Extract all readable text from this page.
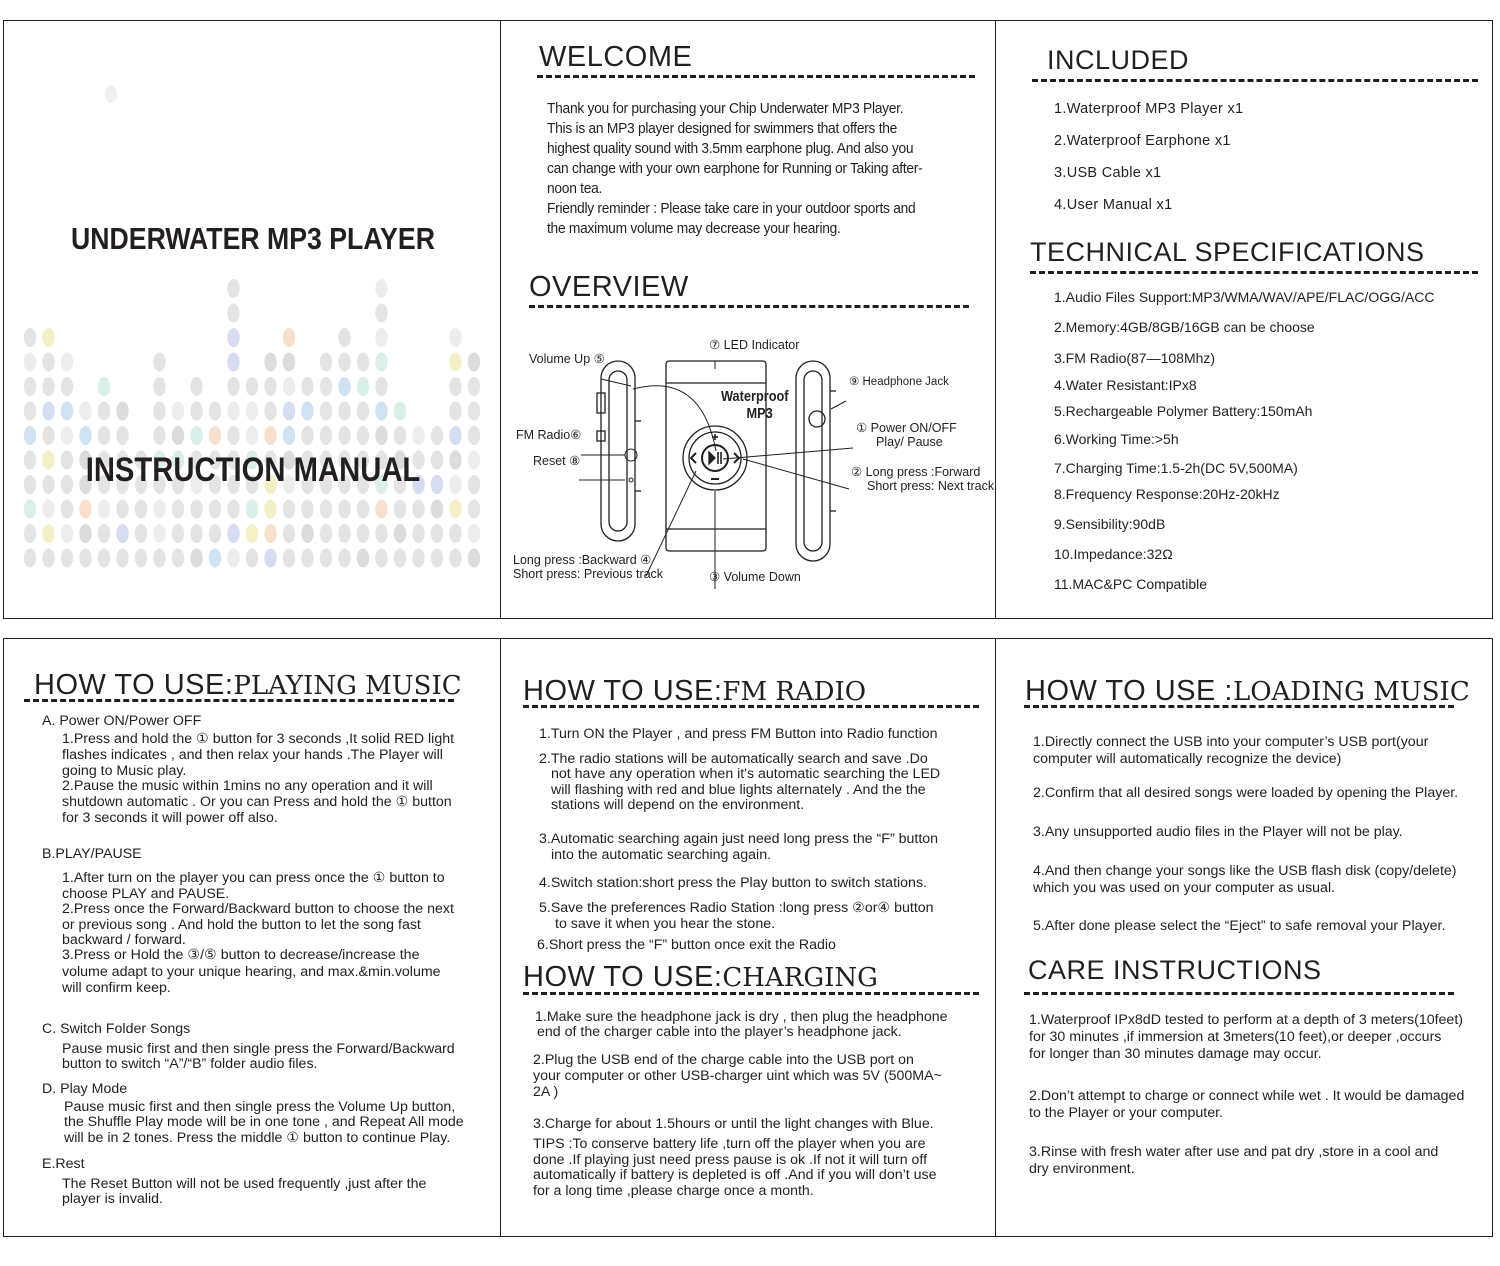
UNDERWATER MP3 PLAYER
INSTRUCTION MANUAL
WELCOME
Thank you for purchasing your Chip Underwater MP3 Player.
This is an MP3 player designed for swimmers that offers the
highest quality sound with 3.5mm earphone plug. And also you
can change with your own earphone for Running or Taking after-
noon tea.
Friendly reminder : Please take care in your outdoor sports and
the maximum volume may decrease your hearing.
OVERVIEW
Waterproof
MP3
⑦ LED Indicator
Volume Up ⑤
⑨ Headphone Jack
FM Radio⑥
Reset ⑧
① Power ON/OFF
Play/ Pause
② Long press :Forward
Short press: Next track
Long press :Backward ④
Short press: Previous track	③ Volume Down
INCLUDED
1.Waterproof MP3 Player x1
2.Waterproof Earphone x1
3.USB Cable x1
4.User Manual x1
TECHNICAL SPECIFICATIONS
1.Audio Files Support:MP3/WMA/WAV/APE/FLAC/OGG/ACC
2.Memory:4GB/8GB/16GB can be choose
3.FM Radio(87—108Mhz)
4.Water Resistant:IPx8
5.Rechargeable Polymer Battery:150mAh
6.Working Time:>5h
7.Charging Time:1.5-2h(DC 5V,500MA)
8.Frequency Response:20Hz-20kHz
9.Sensibility:90dB
10.Impedance:32Ω
11.MAC&PC Compatible
HOW TO USE:PLAYING MUSIC
A. Power ON/Power OFF
1.Press and hold the ① button for 3 seconds ,It solid RED light
flashes indicates , and then relax your hands .The Player will
going to Music play.
2.Pause the music within 1mins no any operation and it will
shutdown automatic . Or you can Press and hold the ① button
for 3 seconds it will power off also.
B.PLAY/PAUSE
1.After turn on the player you can press once the ① button to
choose PLAY and PAUSE.
2.Press once the Forward/Backward button to choose the next
or previous song . And hold the button to let the song fast
backward / forward.
3.Press or Hold the ③/⑤ button to decrease/increase the
volume adapt to your unique hearing, and max.&min.volume
will confirm keep.
C. Switch Folder Songs
Pause music first and then single press the Forward/Backward
button to switch “A”/“B” folder audio files.
D. Play Mode
Pause music first and then single press the Volume Up button,
the Shuffle Play mode will be in one tone , and Repeat All mode
will be in 2 tones. Press the middle ① button to continue Play.
E.Rest
The Reset Button will not be used frequently ,just after the
player is invalid.
HOW TO USE:FM RADIO
1.Turn ON the Player , and press FM Button into Radio function
2.The radio stations will be automatically search and save .Do
not have any operation when it's automatic searching the LED
will flashing with red and blue lights alternately . And the the
stations will depend on the environment.
3.Automatic searching again just need long press the “F” button
into the automatic searching again.
4.Switch station:short press the Play button to switch stations.
5.Save the preferences Radio Station :long press ②or④ button
to save it when you hear the stone.
6.Short press the “F” button once exit the Radio
HOW TO USE:CHARGING
1.Make sure the headphone jack is dry , then plug the headphone
end of the charger cable into the player’s headphone jack.
2.Plug the USB end of the charge cable into the USB port on
your computer or other USB-charger uint which was 5V (500MA~
2A )
3.Charge for about 1.5hours or until the light changes with Blue.
TIPS :To conserve battery life ,turn off the player when you are
done .If playing just need press pause is ok .If not it will turn off
automatically if battery is depleted is off .And if you will don’t use
for a long time ,please charge once a month.
HOW TO USE :LOADING MUSIC
1.Directly connect the USB into your computer’s USB port(your
computer will automatically recognize the device)
2.Confirm that all desired songs were loaded by opening the Player.
3.Any unsupported audio files in the Player will not be play.
4.And then change your songs like the USB flash disk (copy/delete)
which you was used on your computer as usual.
5.After done please select the “Eject” to safe removal your Player.
CARE INSTRUCTIONS
1.Waterproof IPx8dD tested to perform at a depth of 3 meters(10feet)
for 30 minutes ,if immersion at 3meters(10 feet),or deeper ,occurs
for longer than 30 minutes damage may occur.
2.Don’t attempt to charge or connect while wet . It would be damaged
to the Player or your computer.
3.Rinse with fresh water after use and pat dry ,store in a cool and
dry environment.
